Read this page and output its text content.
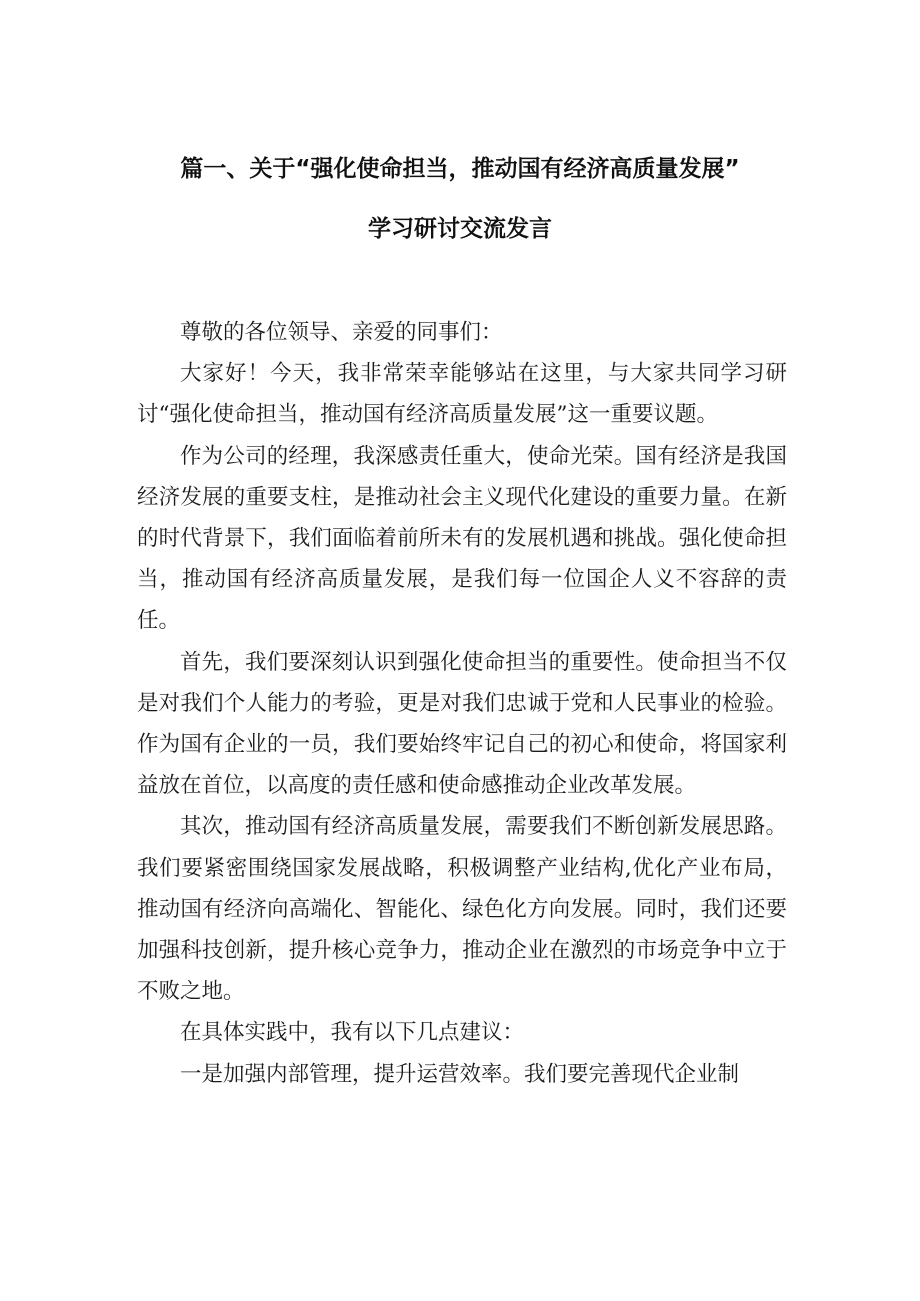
篇一、关于“强化使命担当，推动国有经济高质量发展”
学习研讨交流发言

尊敬的各位领导、亲爱的同事们：

大家好！今天，我非常荣幸能够站在这里，与大家共同学习研讨“强化使命担当，推动国有经济高质量发展”这一重要议题。

作为公司的经理，我深感责任重大，使命光荣。国有经济是我国经济发展的重要支柱，是推动社会主义现代化建设的重要力量。在新的时代背景下，我们面临着前所未有的发展机遇和挑战。强化使命担当，推动国有经济高质量发展，是我们每一位国企人义不容辞的责任。

首先，我们要深刻认识到强化使命担当的重要性。使命担当不仅是对我们个人能力的考验，更是对我们忠诚于党和人民事业的检验。作为国有企业的一员，我们要始终牢记自己的初心和使命，将国家利益放在首位，以高度的责任感和使命感推动企业改革发展。

其次，推动国有经济高质量发展，需要我们不断创新发展思路。我们要紧密围绕国家发展战略，积极调整产业结构,优化产业布局，推动国有经济向高端化、智能化、绿色化方向发展。同时，我们还要加强科技创新，提升核心竞争力，推动企业在激烈的市场竞争中立于不败之地。

在具体实践中，我有以下几点建议：

一是加强内部管理，提升运营效率。我们要完善现代企业制
